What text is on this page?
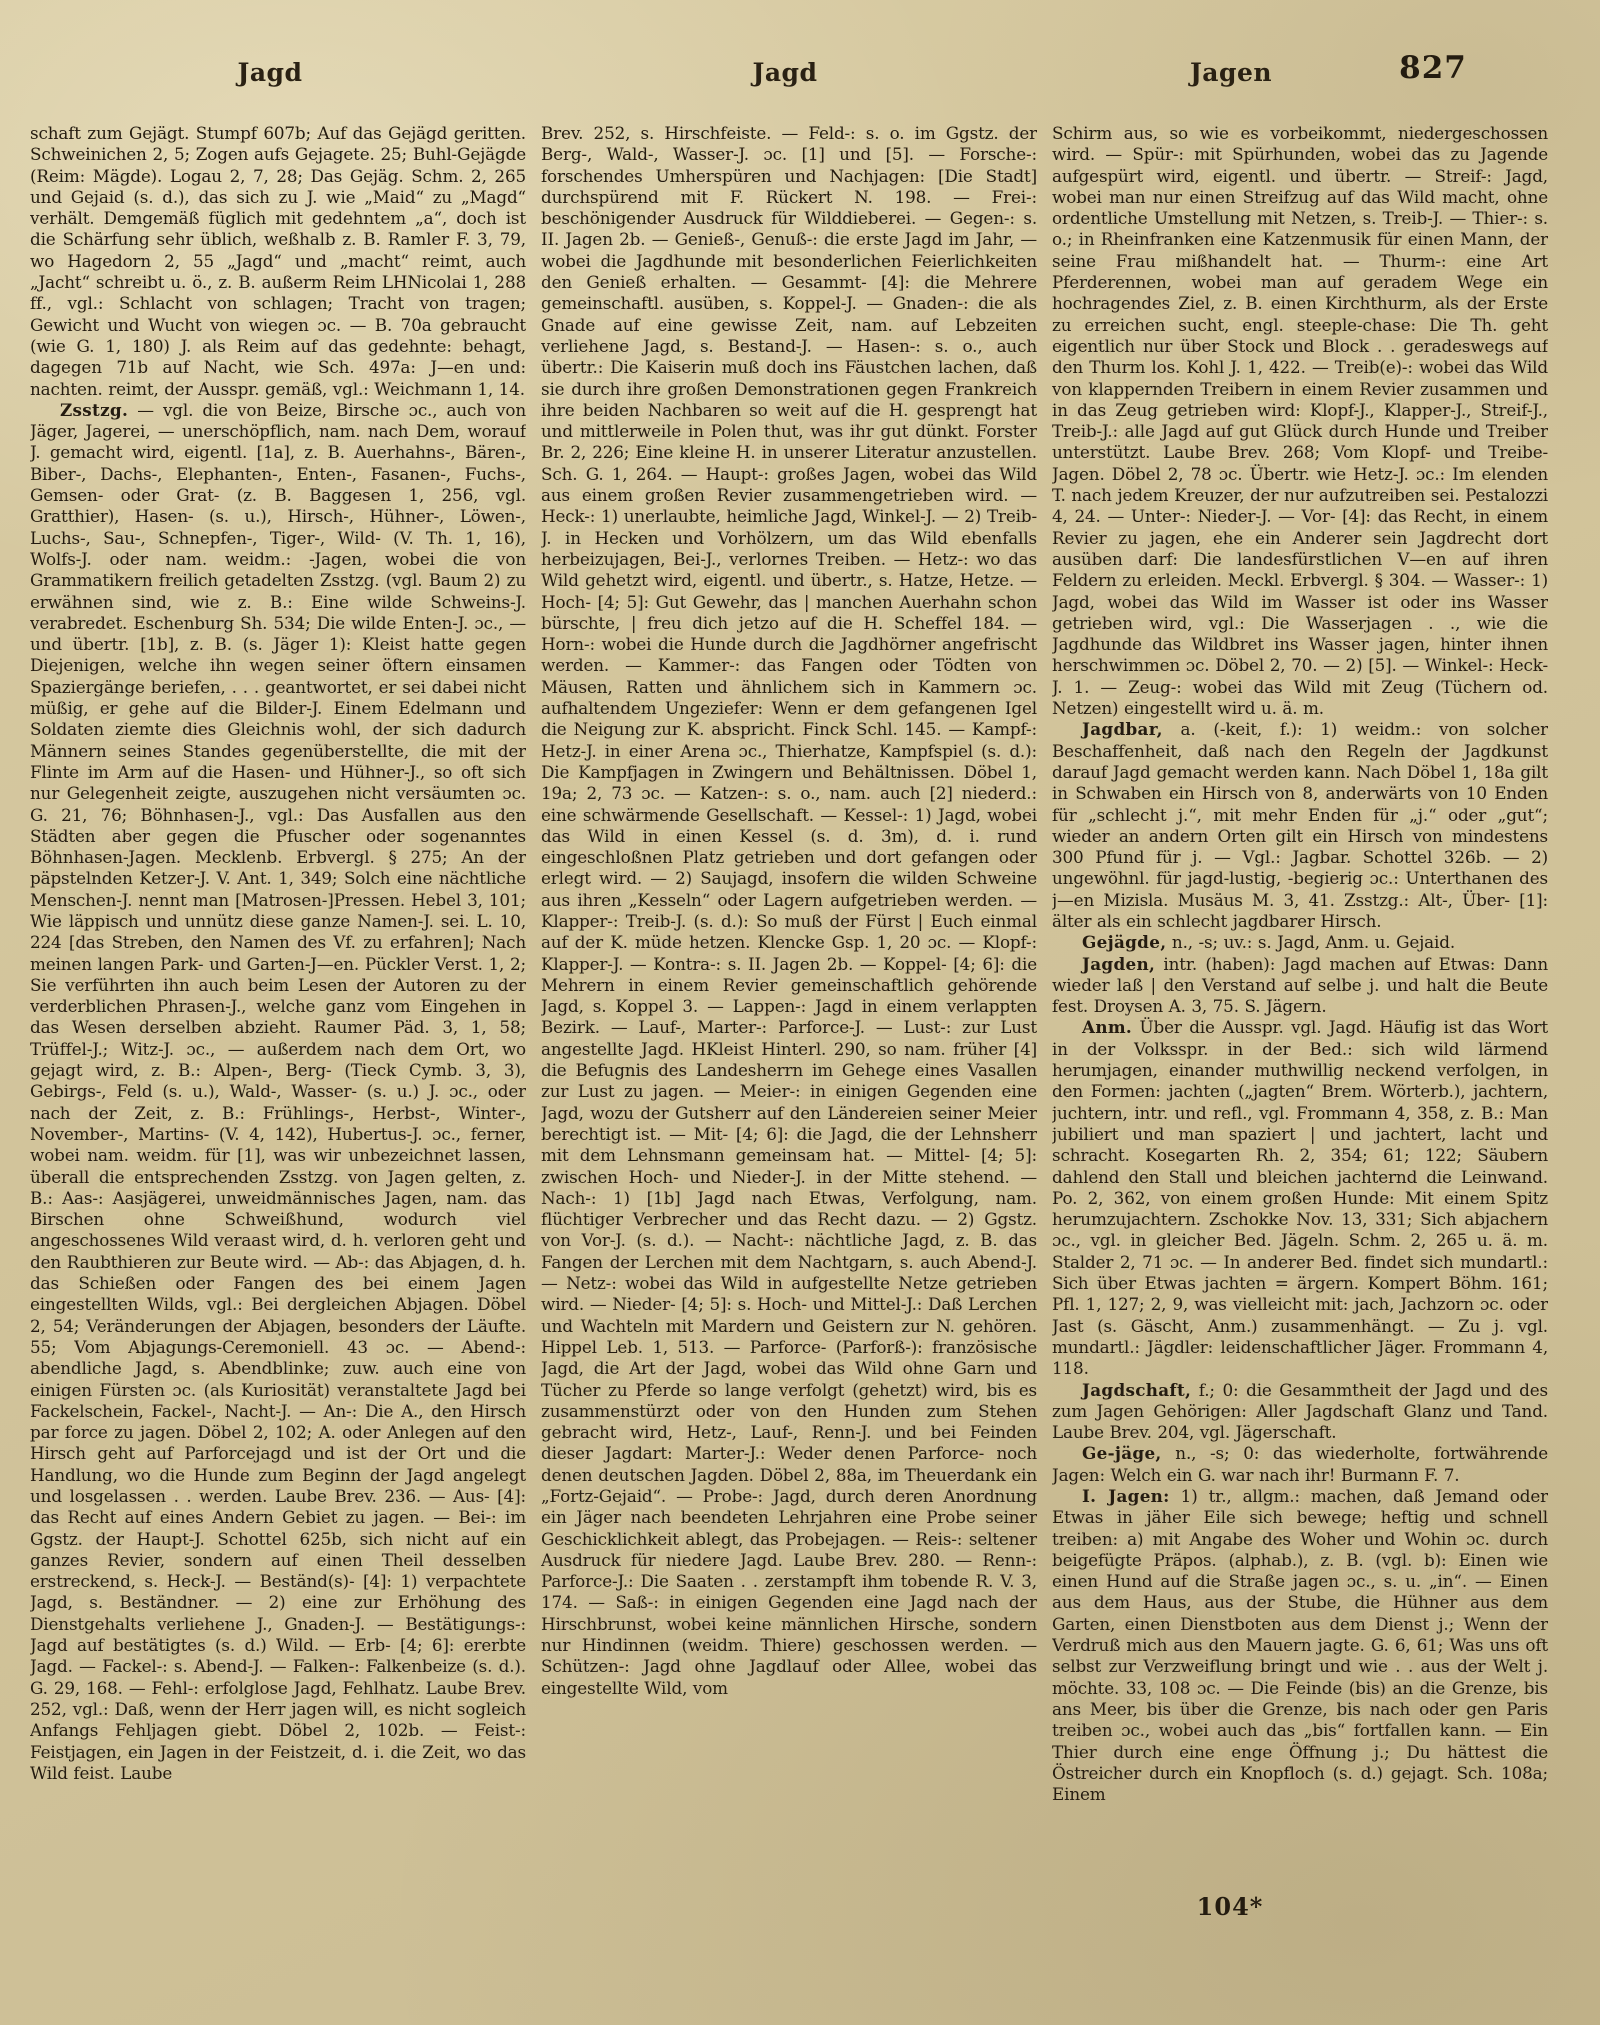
Jagd	Jagd	Jagen	827

schaft zum Gejägt. Stumpf 607b; Auf das Gejägd geritten. Schweinichen 2, 5; Zogen aufs Gejagete. 25; Buhl-Gejägde (Reim: Mägde). Logau 2, 7, 28; Das Gejäg. Schm. 2, 265 und Gejaid (s. d.), das sich zu J. wie „Maid“ zu „Magd“ verhält. Demgemäß füglich mit gedehntem „a“, doch ist die Schärfung sehr üblich, weßhalb z. B. Ramler F. 3, 79, wo Hagedorn 2, 55 „Jagd“ und „macht“ reimt, auch „Jacht“ schreibt u. ö., z. B. außerm Reim LHNicolai 1, 288 ff., vgl.: Schlacht von schlagen; Tracht von tragen; Gewicht und Wucht von wiegen ɔc. — B. 70a gebraucht (wie G. 1, 180) J. als Reim auf das gedehnte: behagt, dagegen 71b auf Nacht, wie Sch. 497a: J—en und: nachten. reimt, der Ausspr. gemäß, vgl.: Weichmann 1, 14.

Zsstzg. — vgl. die von Beize, Birsche ɔc., auch von Jäger, Jagerei, — unerschöpflich, nam. nach Dem, worauf J. gemacht wird, eigentl. [1a], z. B. Auerhahns-, Bären-, Biber-, Dachs-, Elephanten-, Enten-, Fasanen-, Fuchs-, Gemsen- oder Grat- (z. B. Baggesen 1, 256, vgl. Gratthier), Hasen- (s. u.), Hirsch-, Hühner-, Löwen-, Luchs-, Sau-, Schnepfen-, Tiger-, Wild- (V. Th. 1, 16), Wolfs-J. oder nam. weidm.: -Jagen, wobei die von Grammatikern freilich getadelten Zsstzg. (vgl. Baum 2) zu erwähnen sind, wie z. B.: Eine wilde Schweins-J. verabredet. Eschenburg Sh. 534; Die wilde Enten-J. ɔc., — und übertr. [1b], z. B. (s. Jäger 1): Kleist hatte gegen Diejenigen, welche ihn wegen seiner öftern einsamen Spaziergänge beriefen, . . . geantwortet, er sei dabei nicht müßig, er gehe auf die Bilder-J. Einem Edelmann und Soldaten ziemte dies Gleichnis wohl, der sich dadurch Männern seines Standes gegenüberstellte, die mit der Flinte im Arm auf die Hasen- und Hühner-J., so oft sich nur Gelegenheit zeigte, auszugehen nicht versäumten ɔc. G. 21, 76; Böhnhasen-J., vgl.: Das Ausfallen aus den Städten aber gegen die Pfuscher oder sogenanntes Böhnhasen-Jagen. Mecklenb. Erbvergl. § 275; An der päpstelnden Ketzer-J. V. Ant. 1, 349; Solch eine nächtliche Menschen-J. nennt man [Matrosen-]Pressen. Hebel 3, 101; Wie läppisch und unnütz diese ganze Namen-J. sei. L. 10, 224 [das Streben, den Namen des Vf. zu erfahren]; Nach meinen langen Park- und Garten-J—en. Pückler Verst. 1, 2; Sie verführten ihn auch beim Lesen der Autoren zu der verderblichen Phrasen-J., welche ganz vom Eingehen in das Wesen derselben abzieht. Raumer Päd. 3, 1, 58; Trüffel-J.; Witz-J. ɔc., — außerdem nach dem Ort, wo gejagt wird, z. B.: Alpen-, Berg- (Tieck Cymb. 3, 3), Gebirgs-, Feld (s. u.), Wald-, Wasser- (s. u.) J. ɔc., oder nach der Zeit, z. B.: Frühlings-, Herbst-, Winter-, November-, Martins- (V. 4, 142), Hubertus-J. ɔc., ferner, wobei nam. weidm. für [1], was wir unbezeichnet lassen, überall die entsprechenden Zsstzg. von Jagen gelten, z. B.: Aas-: Aasjägerei, unweidmännisches Jagen, nam. das Birschen ohne Schweißhund, wodurch viel angeschossenes Wild veraast wird, d. h. verloren geht und den Raubthieren zur Beute wird. — Ab-: das Abjagen, d. h. das Schießen oder Fangen des bei einem Jagen eingestellten Wilds, vgl.: Bei dergleichen Abjagen. Döbel 2, 54; Veränderungen der Abjagen, besonders der Läufte. 55; Vom Abjagungs-Ceremoniell. 43 ɔc. — Abend-: abendliche Jagd, s. Abendblinke; zuw. auch eine von einigen Fürsten ɔc. (als Kuriosität) veranstaltete Jagd bei Fackelschein, Fackel-, Nacht-J. — An-: Die A., den Hirsch par force zu jagen. Döbel 2, 102; A. oder Anlegen auf den Hirsch geht auf Parforcejagd und ist der Ort und die Handlung, wo die Hunde zum Beginn der Jagd angelegt und losgelassen . . werden. Laube Brev. 236. — Aus- [4]: das Recht auf eines Andern Gebiet zu jagen. — Bei-: im Ggstz. der Haupt-J. Schottel 625b, sich nicht auf ein ganzes Revier, sondern auf einen Theil desselben erstreckend, s. Heck-J. — Beständ(s)- [4]: 1) verpachtete Jagd, s. Beständner. — 2) eine zur Erhöhung des Dienstgehalts verliehene J., Gnaden-J. — Bestätigungs-: Jagd auf bestätigtes (s. d.) Wild. — Erb- [4; 6]: ererbte Jagd. — Fackel-: s. Abend-J. — Falken-: Falkenbeize (s. d.). G. 29, 168. — Fehl-: erfolglose Jagd, Fehlhatz. Laube Brev. 252, vgl.: Daß, wenn der Herr jagen will, es nicht sogleich Anfangs Fehljagen giebt. Döbel 2, 102b. — Feist-: Feistjagen, ein Jagen in der Feistzeit, d. i. die Zeit, wo das Wild feist. Laube

Brev. 252, s. Hirschfeiste. — Feld-: s. o. im Ggstz. der Berg-, Wald-, Wasser-J. ɔc. [1] und [5]. — Forsche-: forschendes Umherspüren und Nachjagen: [Die Stadt] durchspürend mit F. Rückert N. 198. — Frei-: beschönigender Ausdruck für Wilddieberei. — Gegen-: s. II. Jagen 2b. — Genieß-, Genuß-: die erste Jagd im Jahr, — wobei die Jagdhunde mit besonderlichen Feierlichkeiten den Genieß erhalten. — Gesammt- [4]: die Mehrere gemeinschaftl. ausüben, s. Koppel-J. — Gnaden-: die als Gnade auf eine gewisse Zeit, nam. auf Lebzeiten verliehene Jagd, s. Bestand-J. — Hasen-: s. o., auch übertr.: Die Kaiserin muß doch ins Fäustchen lachen, daß sie durch ihre großen Demonstrationen gegen Frankreich ihre beiden Nachbaren so weit auf die H. gesprengt hat und mittlerweile in Polen thut, was ihr gut dünkt. Forster Br. 2, 226; Eine kleine H. in unserer Literatur anzustellen. Sch. G. 1, 264. — Haupt-: großes Jagen, wobei das Wild aus einem großen Revier zusammengetrieben wird. — Heck-: 1) unerlaubte, heimliche Jagd, Winkel-J. — 2) Treib-J. in Hecken und Vorhölzern, um das Wild ebenfalls herbeizujagen, Bei-J., verlornes Treiben. — Hetz-: wo das Wild gehetzt wird, eigentl. und übertr., s. Hatze, Hetze. — Hoch- [4; 5]: Gut Gewehr, das | manchen Auerhahn schon bürschte, | freu dich jetzo auf die H. Scheffel 184. — Horn-: wobei die Hunde durch die Jagdhörner angefrischt werden. — Kammer-: das Fangen oder Tödten von Mäusen, Ratten und ähnlichem sich in Kammern ɔc. aufhaltendem Ungeziefer: Wenn er dem gefangenen Igel die Neigung zur K. abspricht. Finck Schl. 145. — Kampf-: Hetz-J. in einer Arena ɔc., Thierhatze, Kampfspiel (s. d.): Die Kampfjagen in Zwingern und Behältnissen. Döbel 1, 19a; 2, 73 ɔc. — Katzen-: s. o., nam. auch [2] niederd.: eine schwärmende Gesellschaft. — Kessel-: 1) Jagd, wobei das Wild in einen Kessel (s. d. 3m), d. i. rund eingeschloßnen Platz getrieben und dort gefangen oder erlegt wird. — 2) Saujagd, insofern die wilden Schweine aus ihren „Kesseln“ oder Lagern aufgetrieben werden. — Klapper-: Treib-J. (s. d.): So muß der Fürst | Euch einmal auf der K. müde hetzen. Klencke Gsp. 1, 20 ɔc. — Klopf-: Klapper-J. — Kontra-: s. II. Jagen 2b. — Koppel- [4; 6]: die Mehrern in einem Revier gemeinschaftlich gehörende Jagd, s. Koppel 3. — Lappen-: Jagd in einem verlappten Bezirk. — Lauf-, Marter-: Parforce-J. — Lust-: zur Lust angestellte Jagd. HKleist Hinterl. 290, so nam. früher [4] die Befugnis des Landesherrn im Gehege eines Vasallen zur Lust zu jagen. — Meier-: in einigen Gegenden eine Jagd, wozu der Gutsherr auf den Ländereien seiner Meier berechtigt ist. — Mit- [4; 6]: die Jagd, die der Lehnsherr mit dem Lehnsmann gemeinsam hat. — Mittel- [4; 5]: zwischen Hoch- und Nieder-J. in der Mitte stehend. — Nach-: 1) [1b] Jagd nach Etwas, Verfolgung, nam. flüchtiger Verbrecher und das Recht dazu. — 2) Ggstz. von Vor-J. (s. d.). — Nacht-: nächtliche Jagd, z. B. das Fangen der Lerchen mit dem Nachtgarn, s. auch Abend-J. — Netz-: wobei das Wild in aufgestellte Netze getrieben wird. — Nieder- [4; 5]: s. Hoch- und Mittel-J.: Daß Lerchen und Wachteln mit Mardern und Geistern zur N. gehören. Hippel Leb. 1, 513. — Parforce- (Parforß-): französische Jagd, die Art der Jagd, wobei das Wild ohne Garn und Tücher zu Pferde so lange verfolgt (gehetzt) wird, bis es zusammenstürzt oder von den Hunden zum Stehen gebracht wird, Hetz-, Lauf-, Renn-J. und bei Feinden dieser Jagdart: Marter-J.: Weder denen Parforce- noch denen deutschen Jagden. Döbel 2, 88a, im Theuerdank ein „Fortz-Gejaid“. — Probe-: Jagd, durch deren Anordnung ein Jäger nach beendeten Lehrjahren eine Probe seiner Geschicklichkeit ablegt, das Probejagen. — Reis-: seltener Ausdruck für niedere Jagd. Laube Brev. 280. — Renn-: Parforce-J.: Die Saaten . . zerstampft ihm tobende R. V. 3, 174. — Saß-: in einigen Gegenden eine Jagd nach der Hirschbrunst, wobei keine männlichen Hirsche, sondern nur Hindinnen (weidm. Thiere) geschossen werden. — Schützen-: Jagd ohne Jagdlauf oder Allee, wobei das eingestellte Wild, vom

Schirm aus, so wie es vorbeikommt, niedergeschossen wird. — Spür-: mit Spürhunden, wobei das zu Jagende aufgespürt wird, eigentl. und übertr. — Streif-: Jagd, wobei man nur einen Streifzug auf das Wild macht, ohne ordentliche Umstellung mit Netzen, s. Treib-J. — Thier-: s. o.; in Rheinfranken eine Katzenmusik für einen Mann, der seine Frau mißhandelt hat. — Thurm-: eine Art Pferderennen, wobei man auf geradem Wege ein hochragendes Ziel, z. B. einen Kirchthurm, als der Erste zu erreichen sucht, engl. steeple-chase: Die Th. geht eigentlich nur über Stock und Block . . geradeswegs auf den Thurm los. Kohl J. 1, 422. — Treib(e)-: wobei das Wild von klappernden Treibern in einem Revier zusammen und in das Zeug getrieben wird: Klopf-J., Klapper-J., Streif-J., Treib-J.: alle Jagd auf gut Glück durch Hunde und Treiber unterstützt. Laube Brev. 268; Vom Klopf- und Treibe-Jagen. Döbel 2, 78 ɔc. Übertr. wie Hetz-J. ɔc.: Im elenden T. nach jedem Kreuzer, der nur aufzutreiben sei. Pestalozzi 4, 24. — Unter-: Nieder-J. — Vor- [4]: das Recht, in einem Revier zu jagen, ehe ein Anderer sein Jagdrecht dort ausüben darf: Die landesfürstlichen V—en auf ihren Feldern zu erleiden. Meckl. Erbvergl. § 304. — Wasser-: 1) Jagd, wobei das Wild im Wasser ist oder ins Wasser getrieben wird, vgl.: Die Wasserjagen . ., wie die Jagdhunde das Wildbret ins Wasser jagen, hinter ihnen herschwimmen ɔc. Döbel 2, 70. — 2) [5]. — Winkel-: Heck-J. 1. — Zeug-: wobei das Wild mit Zeug (Tüchern od. Netzen) eingestellt wird u. ä. m.

Jagdbar, a. (-keit, f.): 1) weidm.: von solcher Beschaffenheit, daß nach den Regeln der Jagdkunst darauf Jagd gemacht werden kann. Nach Döbel 1, 18a gilt in Schwaben ein Hirsch von 8, anderwärts von 10 Enden für „schlecht j.“, mit mehr Enden für „j.“ oder „gut“; wieder an andern Orten gilt ein Hirsch von mindestens 300 Pfund für j. — Vgl.: Jagbar. Schottel 326b. — 2) ungewöhnl. für jagd-lustig, -begierig ɔc.: Unterthanen des j—en Mizisla. Musäus M. 3, 41. Zsstzg.: Alt-, Über- [1]: älter als ein schlecht jagdbarer Hirsch.

Gejägde, n., -s; uv.: s. Jagd, Anm. u. Gejaid.

Jagden, intr. (haben): Jagd machen auf Etwas: Dann wieder laß | den Verstand auf selbe j. und halt die Beute fest. Droysen A. 3, 75. S. Jägern.

Anm. Über die Ausspr. vgl. Jagd. Häufig ist das Wort in der Volksspr. in der Bed.: sich wild lärmend herumjagen, einander muthwillig neckend verfolgen, in den Formen: jachten („jagten“ Brem. Wörterb.), jachtern, juchtern, intr. und refl., vgl. Frommann 4, 358, z. B.: Man jubiliert und man spaziert | und jachtert, lacht und schracht. Kosegarten Rh. 2, 354; 61; 122; Säubern dahlend den Stall und bleichen jachternd die Leinwand. Po. 2, 362, von einem großen Hunde: Mit einem Spitz herumzujachtern. Zschokke Nov. 13, 331; Sich abjachern ɔc., vgl. in gleicher Bed. Jägeln. Schm. 2, 265 u. ä. m. Stalder 2, 71 ɔc. — In anderer Bed. findet sich mundartl.: Sich über Etwas jachten = ärgern. Kompert Böhm. 161; Pfl. 1, 127; 2, 9, was vielleicht mit: jach, Jachzorn ɔc. oder Jast (s. Gäscht, Anm.) zusammenhängt. — Zu j. vgl. mundartl.: Jägdler: leidenschaftlicher Jäger. Frommann 4, 118.

Jagdschaft, f.; 0: die Gesammtheit der Jagd und des zum Jagen Gehörigen: Aller Jagdschaft Glanz und Tand. Laube Brev. 204, vgl. Jägerschaft.

Ge-jäge, n., -s; 0: das wiederholte, fortwährende Jagen: Welch ein G. war nach ihr! Burmann F. 7.

I. Jagen: 1) tr., allgm.: machen, daß Jemand oder Etwas in jäher Eile sich bewege; heftig und schnell treiben: a) mit Angabe des Woher und Wohin ɔc. durch beigefügte Präpos. (alphab.), z. B. (vgl. b): Einen wie einen Hund auf die Straße jagen ɔc., s. u. „in“. — Einen aus dem Haus, aus der Stube, die Hühner aus dem Garten, einen Dienstboten aus dem Dienst j.; Wenn der Verdruß mich aus den Mauern jagte. G. 6, 61; Was uns oft selbst zur Verzweiflung bringt und wie . . aus der Welt j. möchte. 33, 108 ɔc. — Die Feinde (bis) an die Grenze, bis ans Meer, bis über die Grenze, bis nach oder gen Paris treiben ɔc., wobei auch das „bis“ fortfallen kann. — Ein Thier durch eine enge Öffnung j.; Du hättest die Östreicher durch ein Knopfloch (s. d.) gejagt. Sch. 108a; Einem

104*
